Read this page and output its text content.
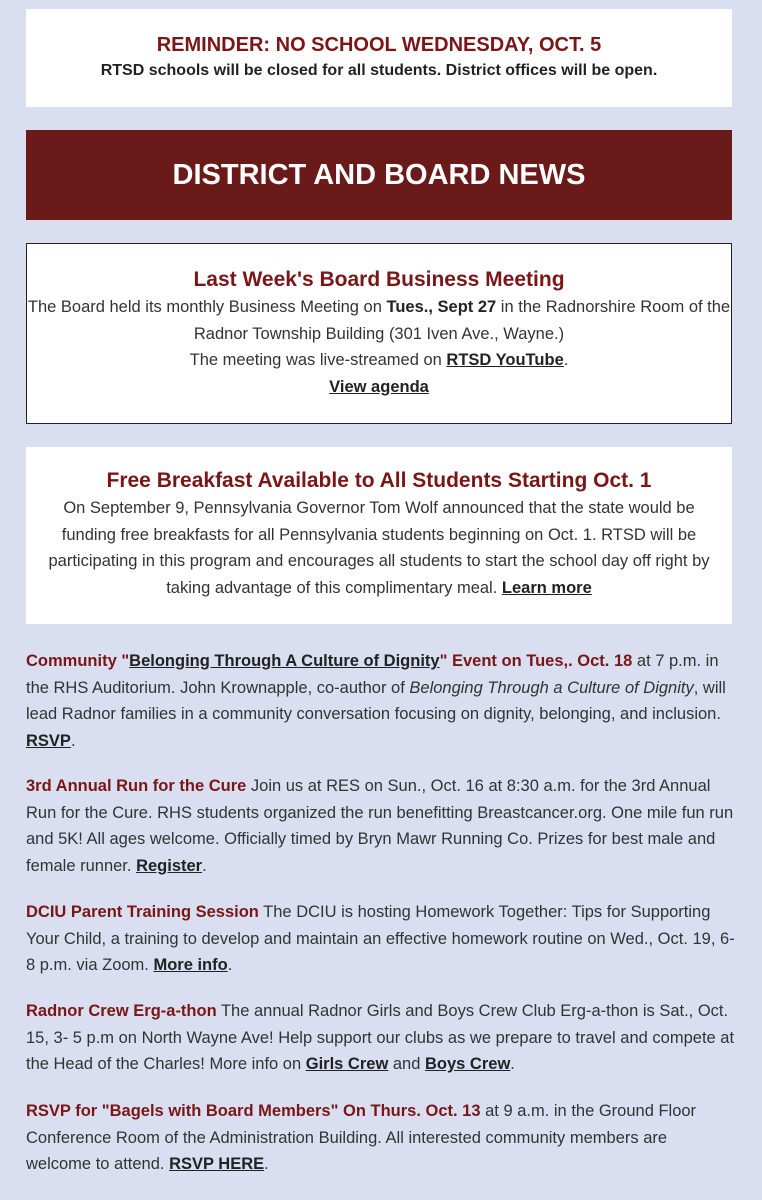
REMINDER: NO SCHOOL WEDNESDAY, OCT. 5
RTSD schools will be closed for all students. District offices will be open.
DISTRICT AND BOARD NEWS
Last Week's Board Business Meeting
The Board held its monthly Business Meeting on Tues., Sept 27 in the Radnorshire Room of the Radnor Township Building (301 Iven Ave., Wayne.)
The meeting was live-streamed on RTSD YouTube.
View agenda
Free Breakfast Available to All Students Starting Oct. 1
On September 9, Pennsylvania Governor Tom Wolf announced that the state would be funding free breakfasts for all Pennsylvania students beginning on Oct. 1. RTSD will be participating in this program and encourages all students to start the school day off right by taking advantage of this complimentary meal. Learn more
Community "Belonging Through A Culture of Dignity" Event on Tues,. Oct. 18 at 7 p.m. in the RHS Auditorium. John Krownapple, co-author of Belonging Through a Culture of Dignity, will lead Radnor families in a community conversation focusing on dignity, belonging, and inclusion. RSVP.
3rd Annual Run for the Cure Join us at RES on Sun., Oct. 16 at 8:30 a.m. for the 3rd Annual Run for the Cure. RHS students organized the run benefitting Breastcancer.org. One mile fun run and 5K! All ages welcome. Officially timed by Bryn Mawr Running Co. Prizes for best male and female runner. Register.
DCIU Parent Training Session The DCIU is hosting Homework Together: Tips for Supporting Your Child, a training to develop and maintain an effective homework routine on Wed., Oct. 19, 6-8 p.m. via Zoom. More info.
Radnor Crew Erg-a-thon The annual Radnor Girls and Boys Crew Club Erg-a-thon is Sat., Oct. 15, 3- 5 p.m on North Wayne Ave! Help support our clubs as we prepare to travel and compete at the Head of the Charles! More info on Girls Crew and Boys Crew.
RSVP for "Bagels with Board Members" On Thurs. Oct. 13 at 9 a.m. in the Ground Floor Conference Room of the Administration Building. All interested community members are welcome to attend. RSVP HERE.
